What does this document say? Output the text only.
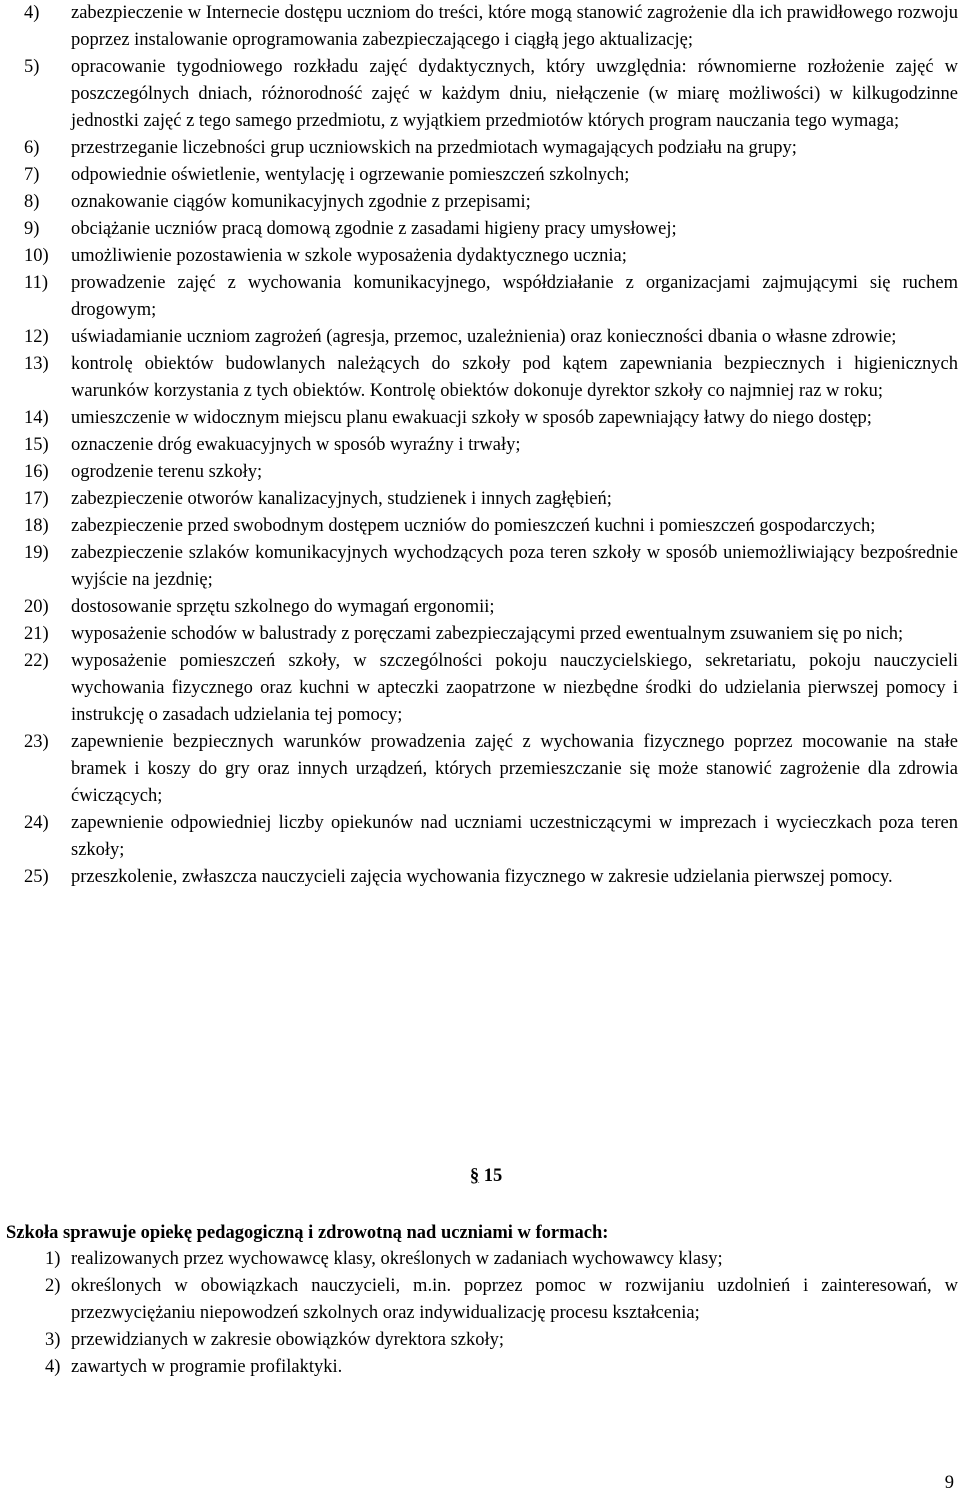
4) zabezpieczenie w Internecie dostępu uczniom do treści, które mogą stanowić zagrożenie dla ich prawidłowego rozwoju poprzez instalowanie oprogramowania zabezpieczającego i ciągłą jego aktualizację;
5) opracowanie tygodniowego rozkładu zajęć dydaktycznych, który uwzględnia: równomierne rozłożenie zajęć w poszczególnych dniach, różnorodność zajęć w każdym dniu, niełączenie (w miarę możliwości) w kilkugodzinne jednostki zajęć z tego samego przedmiotu, z wyjątkiem przedmiotów których program nauczania tego wymaga;
6) przestrzeganie liczebności grup uczniowskich na przedmiotach wymagających podziału na grupy;
7) odpowiednie oświetlenie, wentylację i ogrzewanie pomieszczeń szkolnych;
8) oznakowanie ciągów komunikacyjnych zgodnie z przepisami;
9) obciążanie uczniów pracą domową zgodnie z zasadami higieny pracy umysłowej;
10) umożliwienie pozostawienia w szkole wyposażenia dydaktycznego ucznia;
11) prowadzenie zajęć z wychowania komunikacyjnego, współdziałanie z organizacjami zajmującymi się ruchem drogowym;
12) uświadamianie uczniom zagrożeń (agresja, przemoc, uzależnienia) oraz konieczności dbania o własne zdrowie;
13) kontrolę obiektów budowlanych należących do szkoły pod kątem zapewniania bezpiecznych i higienicznych warunków korzystania z tych obiektów. Kontrolę obiektów dokonuje dyrektor szkoły co najmniej raz w roku;
14) umieszczenie w widocznym miejscu planu ewakuacji szkoły w sposób zapewniający łatwy do niego dostęp;
15) oznaczenie dróg ewakuacyjnych w sposób wyraźny i trwały;
16) ogrodzenie terenu szkoły;
17) zabezpieczenie otworów kanalizacyjnych, studzienek i innych zagłębień;
18) zabezpieczenie przed swobodnym dostępem uczniów do pomieszczeń kuchni i pomieszczeń gospodarczych;
19) zabezpieczenie szlaków komunikacyjnych wychodzących poza teren szkoły w sposób uniemożliwiający bezpośrednie wyjście na jezdnię;
20) dostosowanie sprzętu szkolnego do wymagań ergonomii;
21) wyposażenie schodów w balustrady z poręczami zabezpieczającymi przed ewentualnym zsuwaniem się po nich;
22) wyposażenie pomieszczeń szkoły, w szczególności pokoju nauczycielskiego, sekretariatu, pokoju nauczycieli wychowania fizycznego oraz kuchni w apteczki zaopatrzone w niezbędne środki do udzielania pierwszej pomocy i instrukcję o zasadach udzielania tej pomocy;
23) zapewnienie bezpiecznych warunków prowadzenia zajęć z wychowania fizycznego poprzez mocowanie na stałe bramek i koszy do gry oraz innych urządzeń, których przemieszczanie się może stanowić zagrożenie dla zdrowia ćwiczących;
24) zapewnienie odpowiedniej liczby opiekunów nad uczniami uczestniczącymi w imprezach i wycieczkach poza teren szkoły;
25) przeszkolenie, zwłaszcza nauczycieli zajęcia wychowania fizycznego w zakresie udzielania pierwszej pomocy.
§ 15
Szkoła sprawuje opiekę pedagogiczną i zdrowotną nad uczniami w formach:
1) realizowanych przez wychowawcę klasy, określonych w zadaniach wychowawcy klasy;
2) określonych w obowiązkach nauczycieli, m.in. poprzez pomoc w rozwijaniu uzdolnień i zainteresowań, w przezwyciężaniu niepowodzeń szkolnych oraz indywidualizację procesu kształcenia;
3) przewidzianych w zakresie obowiązków dyrektora szkoły;
4) zawartych w programie profilaktyki.
9
